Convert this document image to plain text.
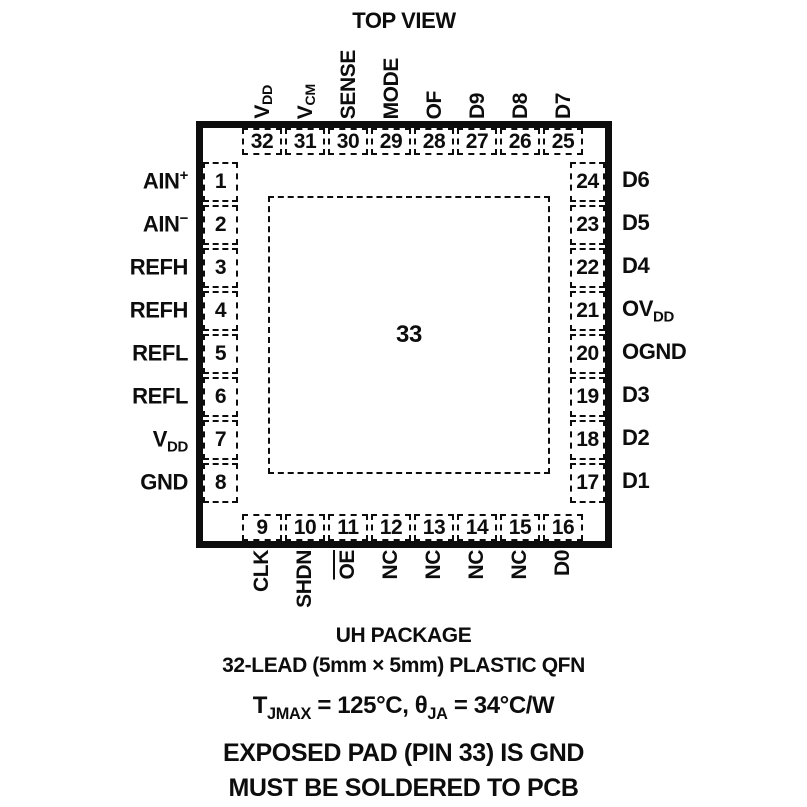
TOP VIEW
$V_{DD}$
$V_{CM}$ SENSE MODE OF D9 D8 D7
AIN+
AIN−
REFH
REFH
REFL
REFL
$V_{DD}$
GND
D6
D5
D4
$OV_{DD}$
OGND
D3
D2
D1
CLK SHDN OE NC NC NC NC D0
32 31 30 29 28 27 26 25
1
2
3
4
5
6
7
8
24
23
22
21
20
19
18
17
9 10 11 12 13 14 15 16
33
UH PACKAGE
32-LEAD (5mm × 5mm) PLASTIC QFN
$T_{JMAX} = 125^\circ C$, $\theta_{JA} = 34^\circ C/W$
EXPOSED PAD (PIN 33) IS GND
MUST BE SOLDERED TO PCB
